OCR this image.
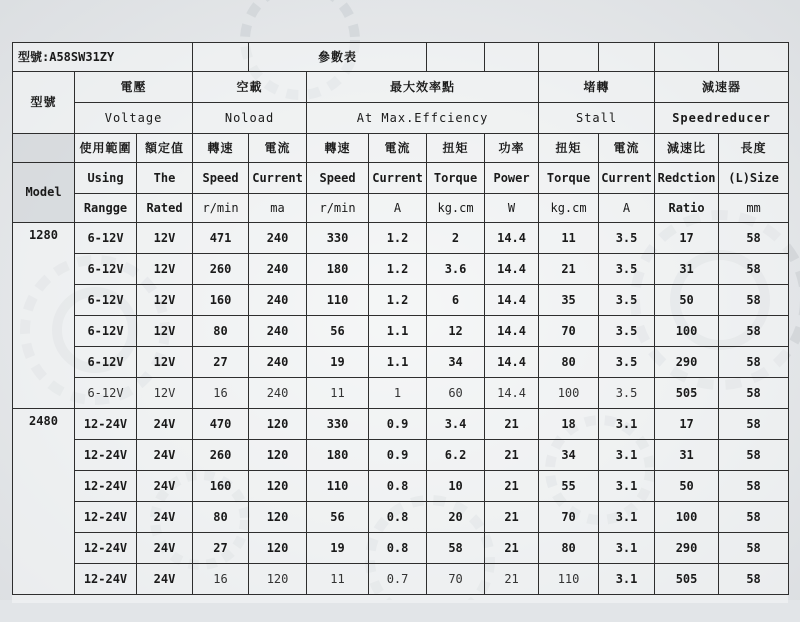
型號:A58SW31ZY				參數表								
型號	電壓		空載		最大效率點				堵轉		減速器	
	Voltage		Noload		At Max.Effciency				Stall		Speedreducer	
	使用範圍	額定值	轉速	電流	轉速	電流	扭矩	功率	扭矩	電流	減速比	長度
Model	Using	The	Speed	Current	Speed	Current	Torque	Power	Torque	Current	Redction	(L)Size
	Rangge	Rated	r/min	ma	r/min	A	kg.cm	W	kg.cm	A	Ratio	mm
1280	6-12V	12V	471	240	330	1.2	2	14.4	11	3.5	17	58
	6-12V	12V	260	240	180	1.2	3.6	14.4	21	3.5	31	58
	6-12V	12V	160	240	110	1.2	6	14.4	35	3.5	50	58
	6-12V	12V	80	240	56	1.1	12	14.4	70	3.5	100	58
	6-12V	12V	27	240	19	1.1	34	14.4	80	3.5	290	58
	6-12V	12V	16	240	11	1	60	14.4	100	3.5	505	58
2480	12-24V	24V	470	120	330	0.9	3.4	21	18	3.1	17	58
	12-24V	24V	260	120	180	0.9	6.2	21	34	3.1	31	58
	12-24V	24V	160	120	110	0.8	10	21	55	3.1	50	58
	12-24V	24V	80	120	56	0.8	20	21	70	3.1	100	58
	12-24V	24V	27	120	19	0.8	58	21	80	3.1	290	58
	12-24V	24V	16	120	11	0.7	70	21	110	3.1	505	58
